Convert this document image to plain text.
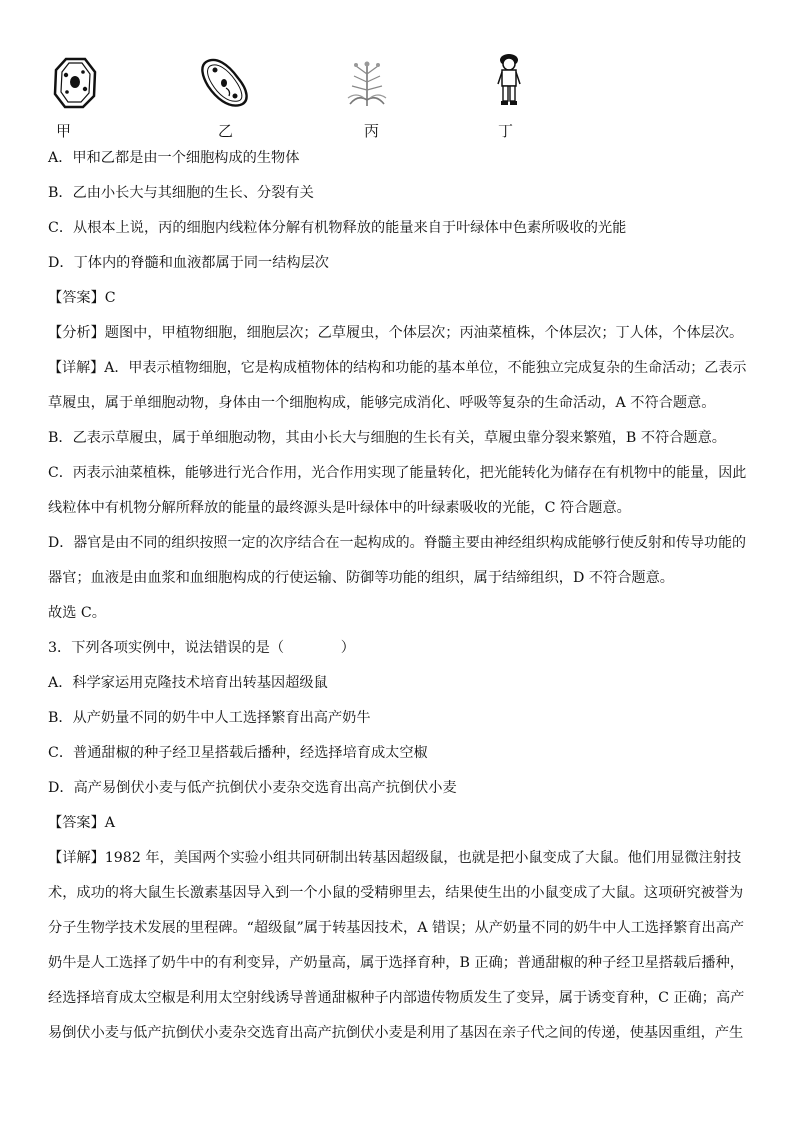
甲	乙	丙	丁
A．甲和乙都是由一个细胞构成的生物体
B．乙由小长大与其细胞的生长、分裂有关
C．从根本上说，丙的细胞内线粒体分解有机物释放的能量来自于叶绿体中色素所吸收的光能
D．丁体内的脊髓和血液都属于同一结构层次
【答案】C
【分析】题图中，甲植物细胞，细胞层次；乙草履虫，个体层次；丙油菜植株，个体层次；丁人体，个体层次。
【详解】A．甲表示植物细胞，它是构成植物体的结构和功能的基本单位，不能独立完成复杂的生命活动；乙表示
草履虫，属于单细胞动物，身体由一个细胞构成，能够完成消化、呼吸等复杂的生命活动，A 不符合题意。
B．乙表示草履虫，属于单细胞动物，其由小长大与细胞的生长有关，草履虫靠分裂来繁殖，B 不符合题意。
C．丙表示油菜植株，能够进行光合作用，光合作用实现了能量转化，把光能转化为储存在有机物中的能量，因此
线粒体中有机物分解所释放的能量的最终源头是叶绿体中的叶绿素吸收的光能，C 符合题意。
D．器官是由不同的组织按照一定的次序结合在一起构成的。脊髓主要由神经组织构成能够行使反射和传导功能的
器官；血液是由血浆和血细胞构成的行使运输、防御等功能的组织，属于结缔组织，D 不符合题意。
故选 C。
3．下列各项实例中，说法错误的是（　　　　）
A．科学家运用克隆技术培育出转基因超级鼠
B．从产奶量不同的奶牛中人工选择繁育出高产奶牛
C．普通甜椒的种子经卫星搭载后播种，经选择培育成太空椒
D．高产易倒伏小麦与低产抗倒伏小麦杂交选育出高产抗倒伏小麦
【答案】A
【详解】1982 年，美国两个实验小组共同研制出转基因超级鼠，也就是把小鼠变成了大鼠。他们用显微注射技
术，成功的将大鼠生长激素基因导入到一个小鼠的受精卵里去，结果使生出的小鼠变成了大鼠。这项研究被誉为
分子生物学技术发展的里程碑。“超级鼠”属于转基因技术，A 错误；从产奶量不同的奶牛中人工选择繁育出高产
奶牛是人工选择了奶牛中的有利变异，产奶量高，属于选择育种，B 正确；普通甜椒的种子经卫星搭载后播种，
经选择培育成太空椒是利用太空射线诱导普通甜椒种子内部遗传物质发生了变异，属于诱变育种，C 正确；高产
易倒伏小麦与低产抗倒伏小麦杂交选育出高产抗倒伏小麦是利用了基因在亲子代之间的传递，使基因重组，产生
